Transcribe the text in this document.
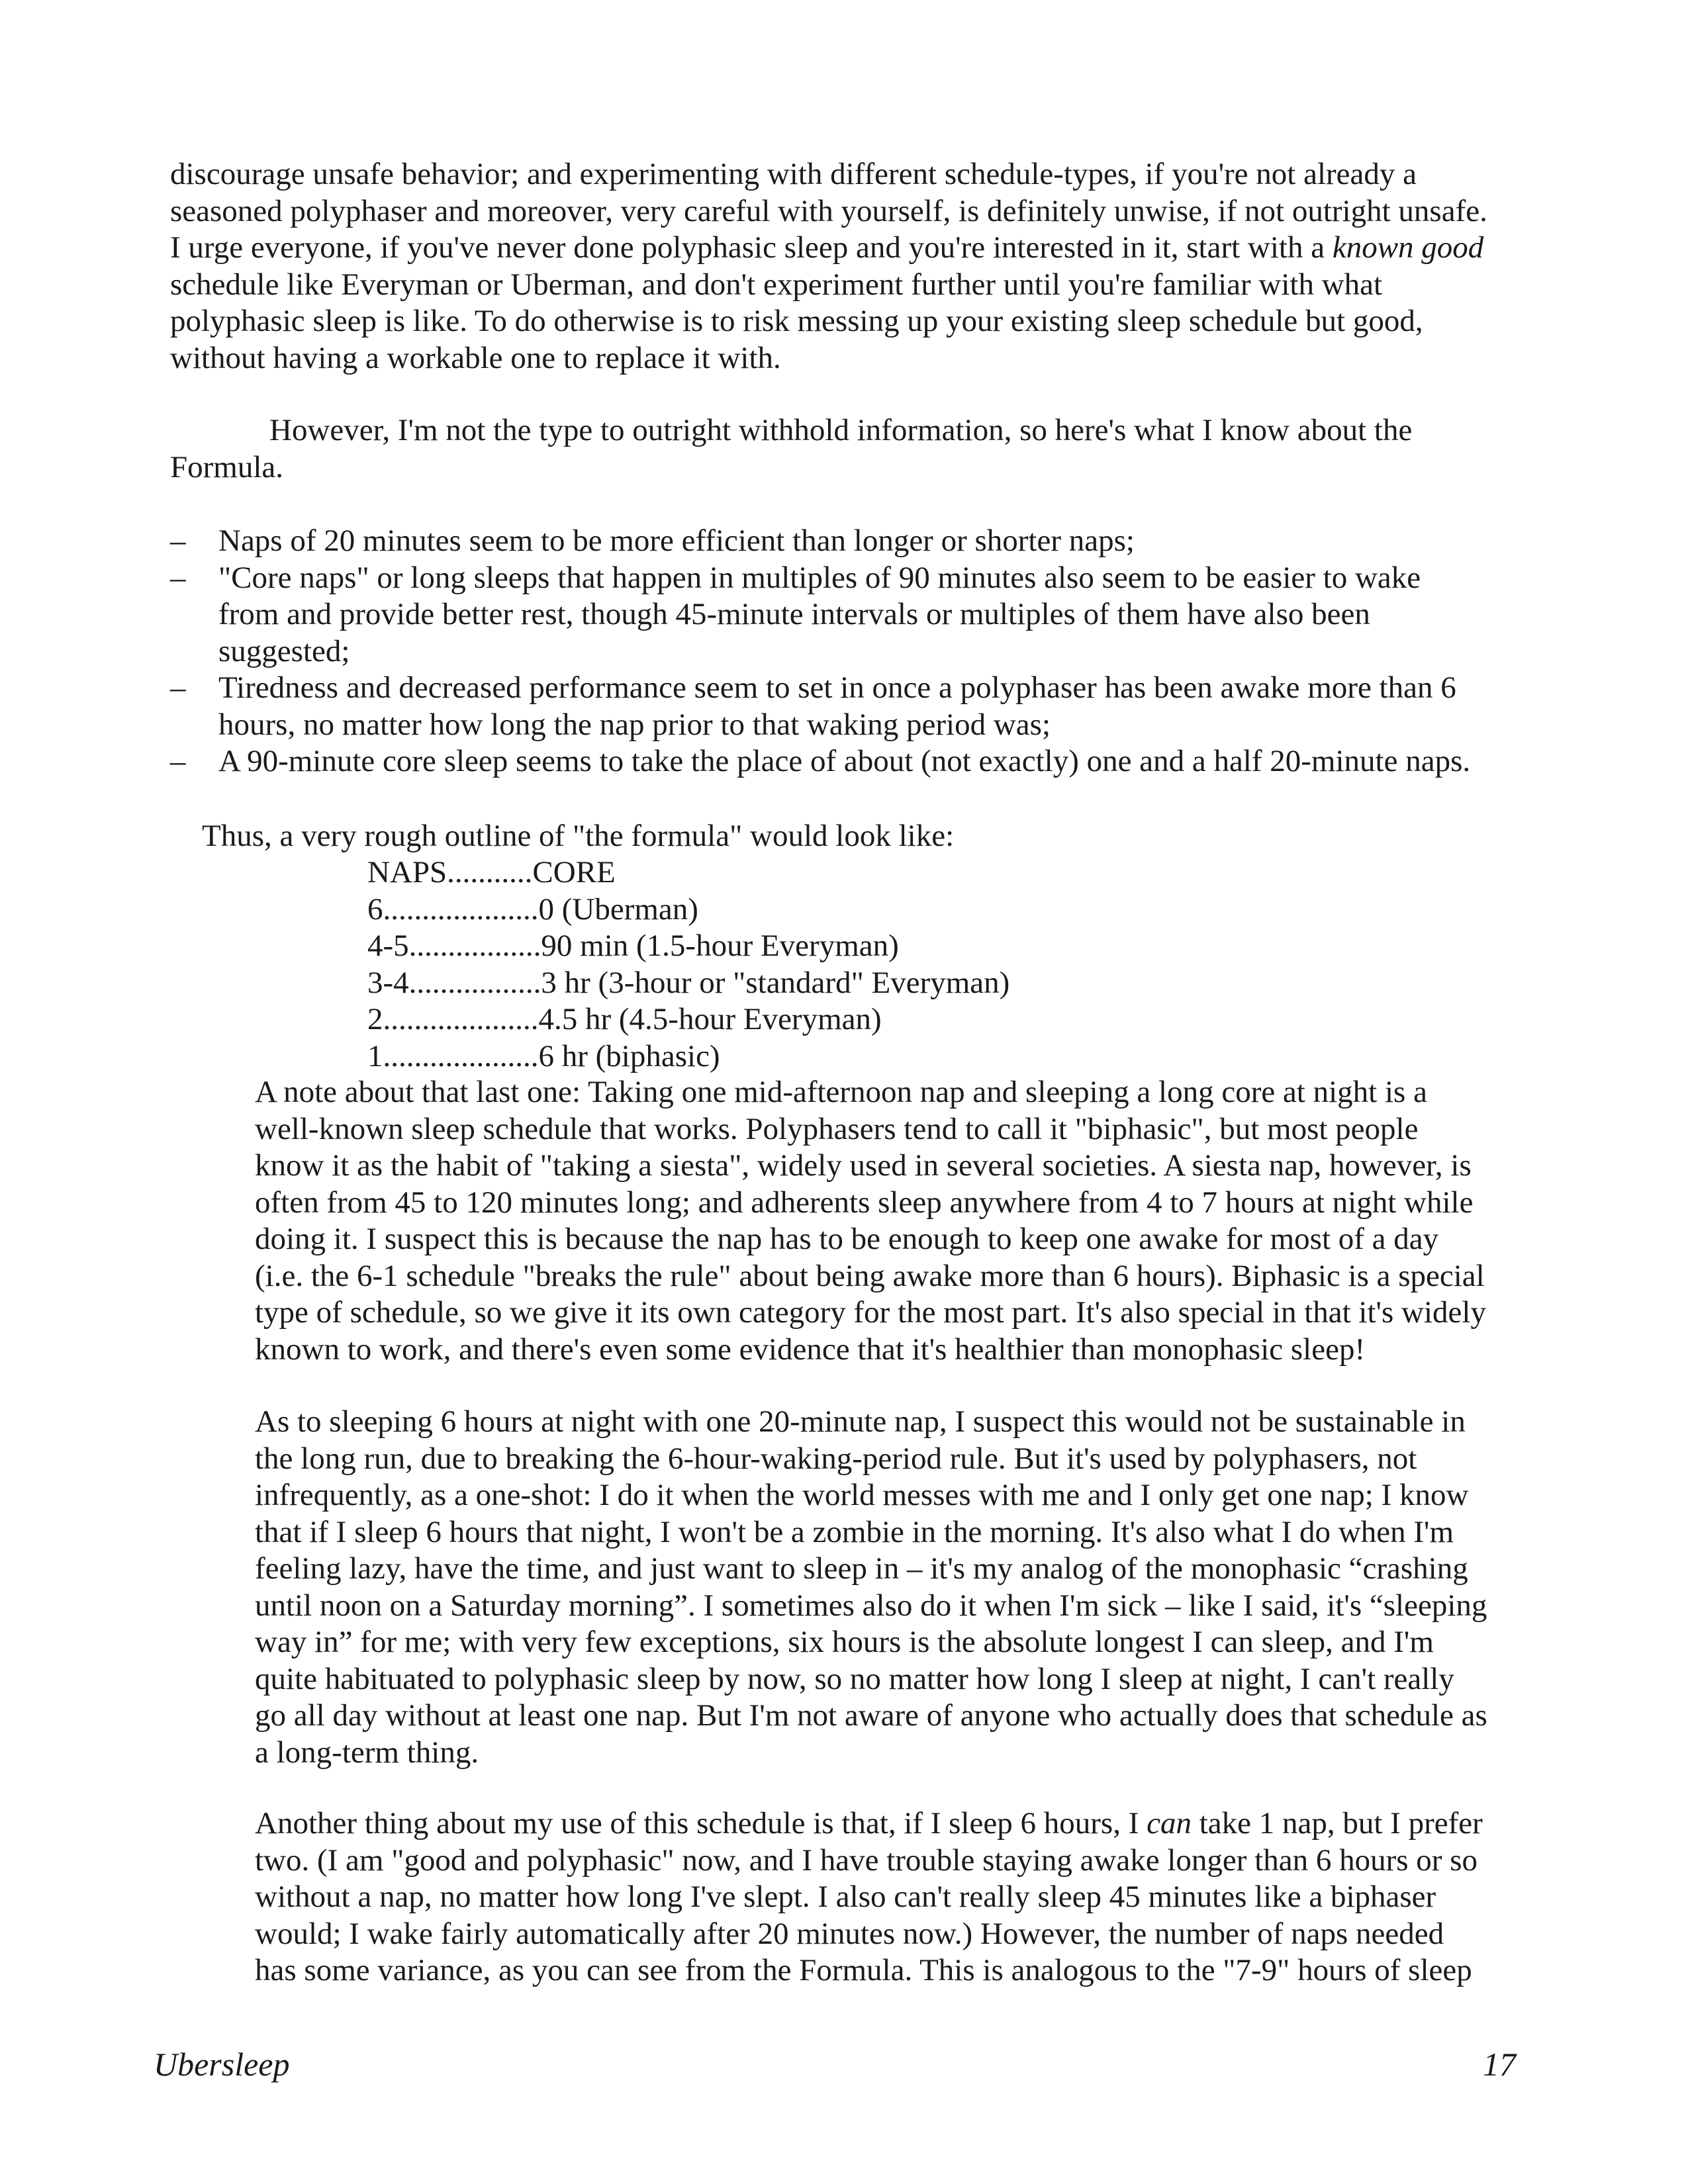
discourage unsafe behavior; and experimenting with different schedule-types, if you're not already a
seasoned polyphaser and moreover, very careful with yourself, is definitely unwise, if not outright unsafe.
I urge everyone, if you've never done polyphasic sleep and you're interested in it, start with a known good
schedule like Everyman or Uberman, and don't experiment further until you're familiar with what
polyphasic sleep is like. To do otherwise is to risk messing up your existing sleep schedule but good,
without having a workable one to replace it with.
However, I'm not the type to outright withhold information, so here's what I know about the
Formula.
– Naps of 20 minutes seem to be more efficient than longer or shorter naps;
– "Core naps" or long sleeps that happen in multiples of 90 minutes also seem to be easier to wake
from and provide better rest, though 45-minute intervals or multiples of them have also been
suggested;
– Tiredness and decreased performance seem to set in once a polyphaser has been awake more than 6
hours, no matter how long the nap prior to that waking period was;
– A 90-minute core sleep seems to take the place of about (not exactly) one and a half 20-minute naps.
Thus, a very rough outline of "the formula" would look like:
NAPS...........CORE
6....................0 (Uberman)
4-5.................90 min (1.5-hour Everyman)
3-4.................3 hr (3-hour or "standard" Everyman)
2....................4.5 hr (4.5-hour Everyman)
1....................6 hr (biphasic)
A note about that last one: Taking one mid-afternoon nap and sleeping a long core at night is a
well-known sleep schedule that works. Polyphasers tend to call it "biphasic", but most people
know it as the habit of "taking a siesta", widely used in several societies. A siesta nap, however, is
often from 45 to 120 minutes long; and adherents sleep anywhere from 4 to 7 hours at night while
doing it. I suspect this is because the nap has to be enough to keep one awake for most of a day
(i.e. the 6-1 schedule "breaks the rule" about being awake more than 6 hours). Biphasic is a special
type of schedule, so we give it its own category for the most part. It's also special in that it's widely
known to work, and there's even some evidence that it's healthier than monophasic sleep!
As to sleeping 6 hours at night with one 20-minute nap, I suspect this would not be sustainable in
the long run, due to breaking the 6-hour-waking-period rule. But it's used by polyphasers, not
infrequently, as a one-shot: I do it when the world messes with me and I only get one nap; I know
that if I sleep 6 hours that night, I won't be a zombie in the morning. It's also what I do when I'm
feeling lazy, have the time, and just want to sleep in – it's my analog of the monophasic “crashing
until noon on a Saturday morning”. I sometimes also do it when I'm sick – like I said, it's “sleeping
way in” for me; with very few exceptions, six hours is the absolute longest I can sleep, and I'm
quite habituated to polyphasic sleep by now, so no matter how long I sleep at night, I can't really
go all day without at least one nap. But I'm not aware of anyone who actually does that schedule as
a long-term thing.
Another thing about my use of this schedule is that, if I sleep 6 hours, I can take 1 nap, but I prefer
two. (I am "good and polyphasic" now, and I have trouble staying awake longer than 6 hours or so
without a nap, no matter how long I've slept. I also can't really sleep 45 minutes like a biphaser
would; I wake fairly automatically after 20 minutes now.) However, the number of naps needed
has some variance, as you can see from the Formula. This is analogous to the "7-9" hours of sleep
Ubersleep	17
